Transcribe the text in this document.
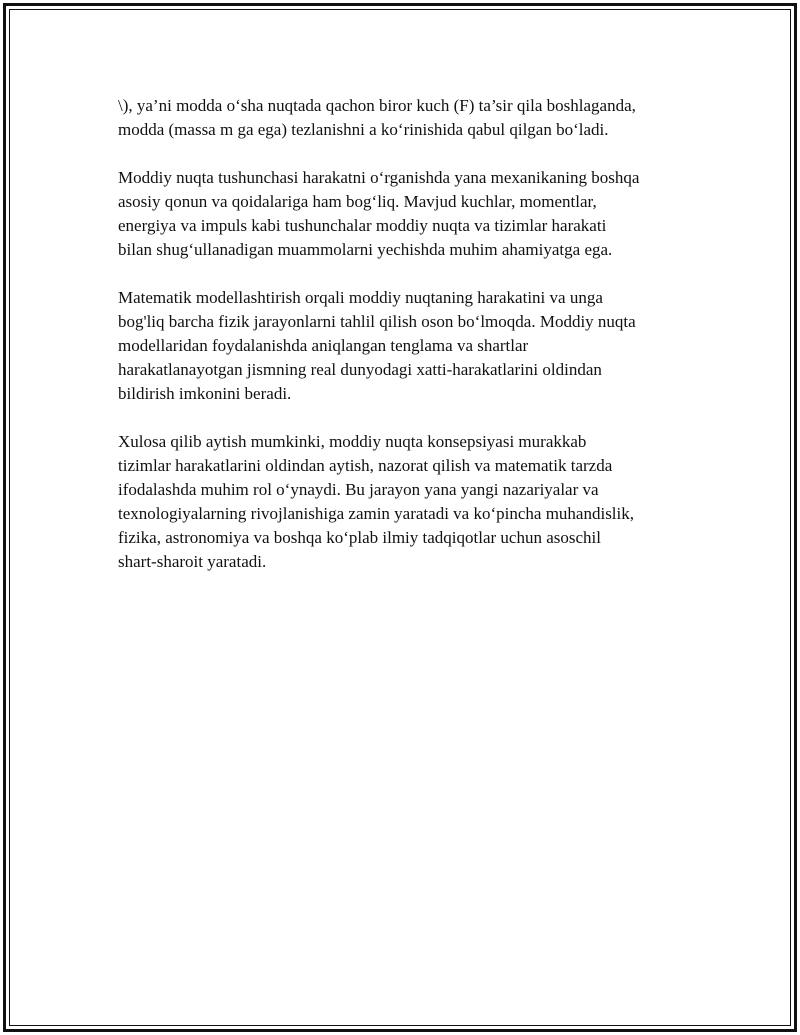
\), ya’ni modda oʻsha nuqtada qachon biror kuch (F) ta’sir qila boshlaganda,
modda (massa m ga ega) tezlanishni a koʻrinishida qabul qilgan boʻladi.

Moddiy nuqta tushunchasi harakatni oʻrganishda yana mexanikaning boshqa
asosiy qonun va qoidalariga ham bogʻliq. Mavjud kuchlar, momentlar,
energiya va impuls kabi tushunchalar moddiy nuqta va tizimlar harakati
bilan shugʻullanadigan muammolarni yechishda muhim ahamiyatga ega.

Matematik modellashtirish orqali moddiy nuqtaning harakatini va unga
bog'liq barcha fizik jarayonlarni tahlil qilish oson boʻlmoqda. Moddiy nuqta
modellaridan foydalanishda aniqlangan tenglama va shartlar
harakatlanayotgan jismning real dunyodagi xatti-harakatlarini oldindan
bildirish imkonini beradi.

Xulosa qilib aytish mumkinki, moddiy nuqta konsepsiyasi murakkab
tizimlar harakatlarini oldindan aytish, nazorat qilish va matematik tarzda
ifodalashda muhim rol oʻynaydi. Bu jarayon yana yangi nazariyalar va
texnologiyalarning rivojlanishiga zamin yaratadi va koʻpincha muhandislik,
fizika, astronomiya va boshqa koʻplab ilmiy tadqiqotlar uchun asoschil
shart-sharoit yaratadi.
